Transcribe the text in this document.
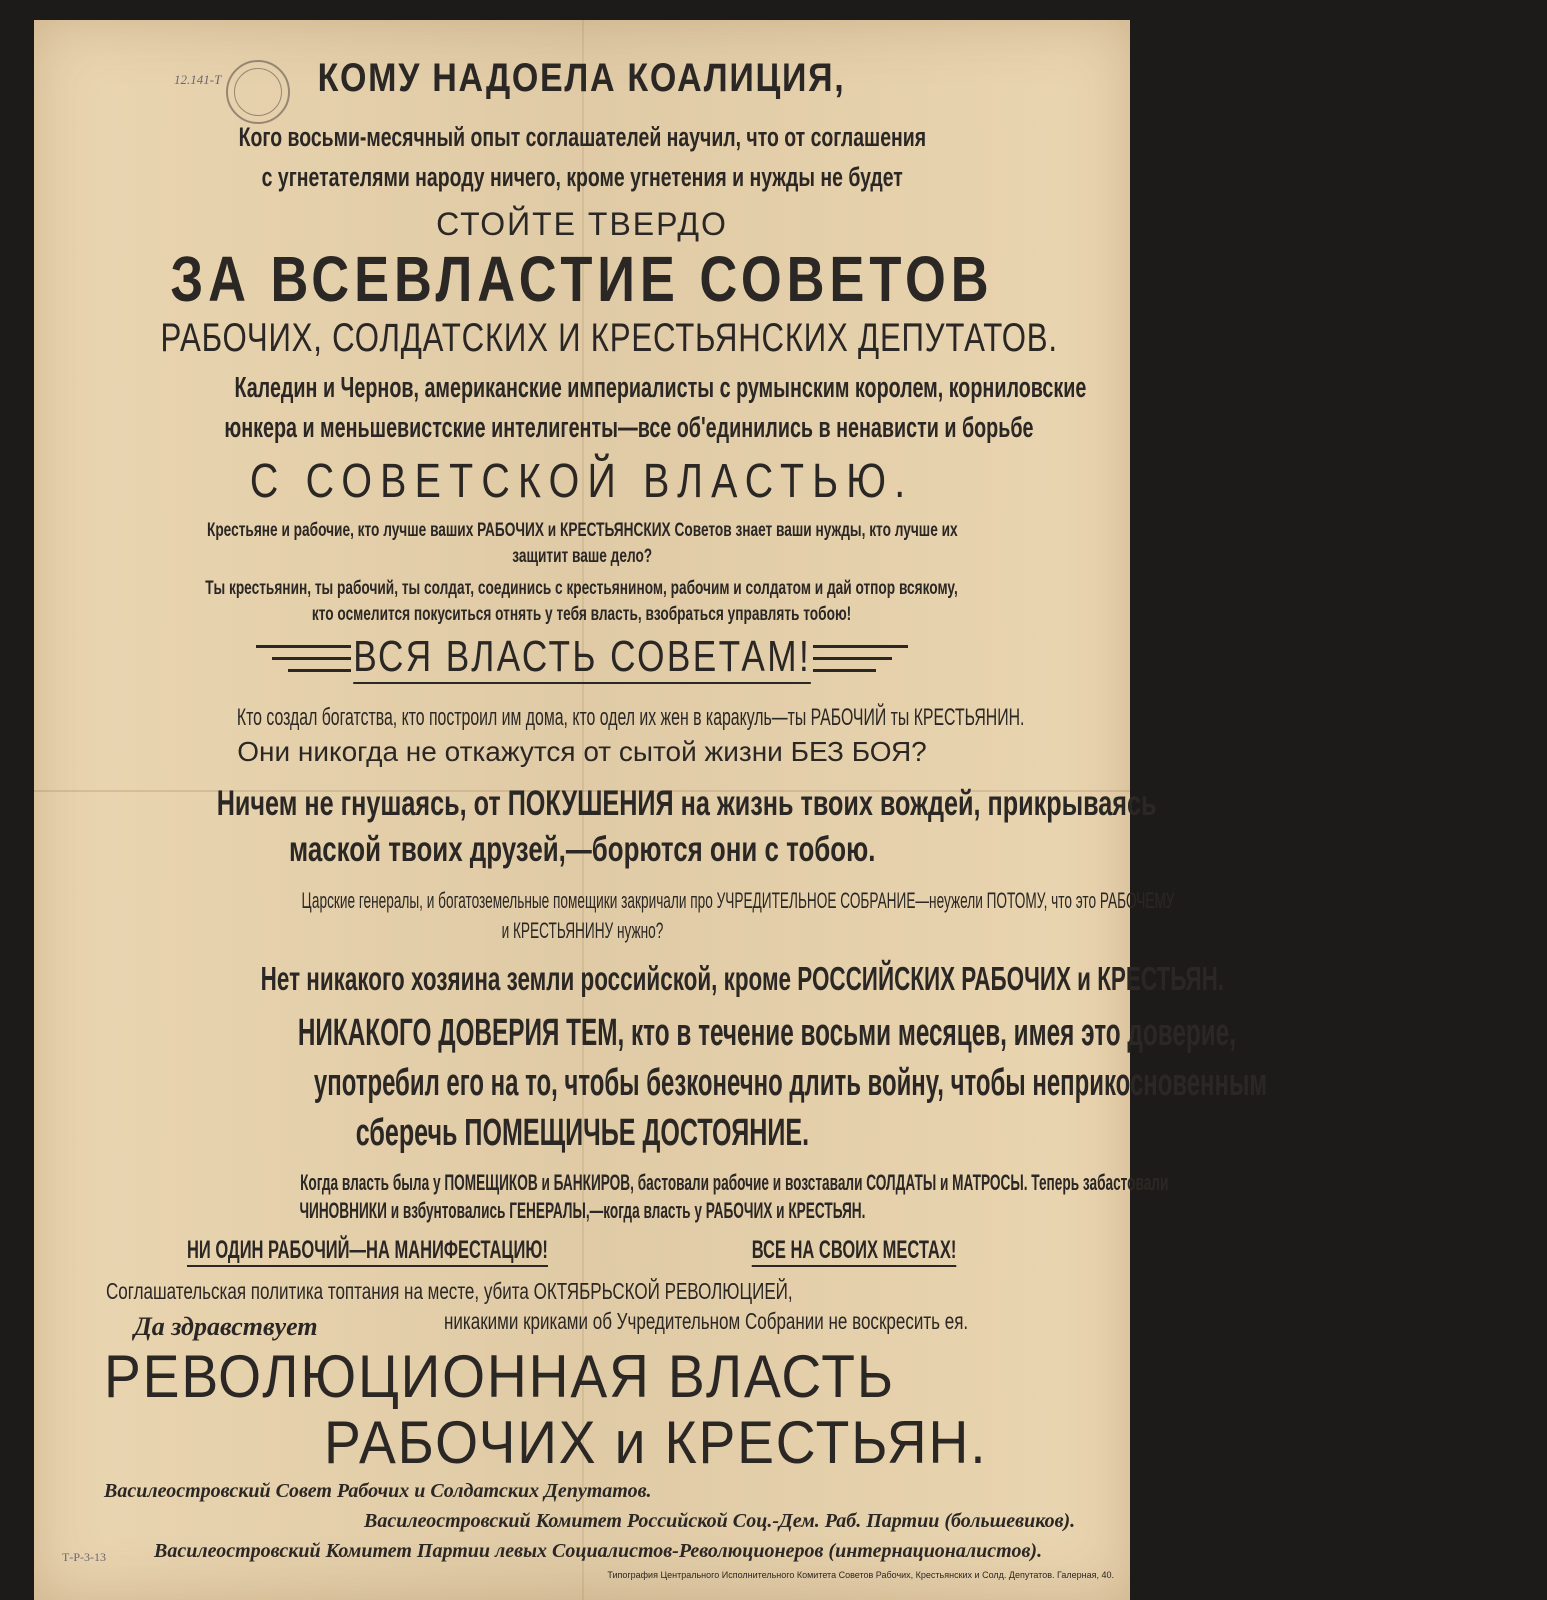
12.141-Т	КОМУ НАДОЕЛА КОАЛИЦИЯ,
Кого восьми-месячный опыт соглашателей научил, что от соглашения
с угнетателями народу ничего, кроме угнетения и нужды не будет
СТОЙТЕ ТВЕРДО
ЗА ВСЕВЛАСТИЕ СОВЕТОВ
РАБОЧИХ, СОЛДАТСКИХ И КРЕСТЬЯНСКИХ ДЕПУТАТОВ.
Каледин и Чернов, американские империалисты с румынским королем, корниловские
юнкера и меньшевистские интелигенты—все об'единились в ненависти и борьбе
С СОВЕТСКОЙ ВЛАСТЬЮ.
Крестьяне и рабочие, кто лучше ваших РАБОЧИХ и КРЕСТЬЯНСКИХ Советов знает ваши нужды, кто лучше их
защитит ваше дело?
Ты крестьянин, ты рабочий, ты солдат, соединись с крестьянином, рабочим и солдатом и дай отпор всякому,
кто осмелится покуситься отнять у тебя власть, взобраться управлять тобою!
ВСЯ ВЛАСТЬ СОВЕТАМ!
Кто создал богатства, кто построил им дома, кто одел их жен в каракуль—ты РАБОЧИЙ ты КРЕСТЬЯНИН.
Они никогда не откажутся от сытой жизни БЕЗ БОЯ?
Ничем не гнушаясь, от ПОКУШЕНИЯ на жизнь твоих вождей, прикрываясь
маской твоих друзей,—борются они с тобою.
Царские генералы, и богатоземельные помещики закричали про УЧРЕДИТЕЛЬНОЕ СОБРАНИЕ—неужели ПОТОМУ, что это РАБОЧЕМУ
и КРЕСТЬЯНИНУ нужно?
Нет никакого хозяина земли российской, кроме РОССИЙСКИХ РАБОЧИХ и КРЕСТЬЯН.
НИКАКОГО ДОВЕРИЯ ТЕМ, кто в течение восьми месяцев, имея это доверие,
употребил его на то, чтобы безконечно длить войну, чтобы неприкосновенным
сберечь ПОМЕЩИЧЬЕ ДОСТОЯНИЕ.
Когда власть была у ПОМЕЩИКОВ и БАНКИРОВ, бастовали рабочие и возставали СОЛДАТЫ и МАТРОСЫ. Теперь забастовали
ЧИНОВНИКИ и взбунтовались ГЕНЕРАЛЫ,—когда власть у РАБОЧИХ и КРЕСТЬЯН.
НИ ОДИН РАБОЧИЙ—НА МАНИФЕСТАЦИЮ!	ВСЕ НА СВОИХ МЕСТАХ!
Соглашательская политика топтания на месте, убита ОКТЯБРЬСКОЙ РЕВОЛЮЦИЕЙ,
никакими криками об Учредительном Собрании не воскресить ея.
Да здравствует
РЕВОЛЮЦИОННАЯ ВЛАСТЬ
РАБОЧИХ и КРЕСТЬЯН.
Василеостровский Совет Рабочих и Солдатских Депутатов.
Василеостровский Комитет Российской Соц.-Дем. Раб. Партии (большевиков).
Василеостровский Комитет Партии левых Социалистов-Революционеров (интернационалистов).
Т-Р-3-13
Типография Центрального Исполнительного Комитета Советов Рабочих, Крестьянских и Солд. Депутатов. Галерная, 40.
